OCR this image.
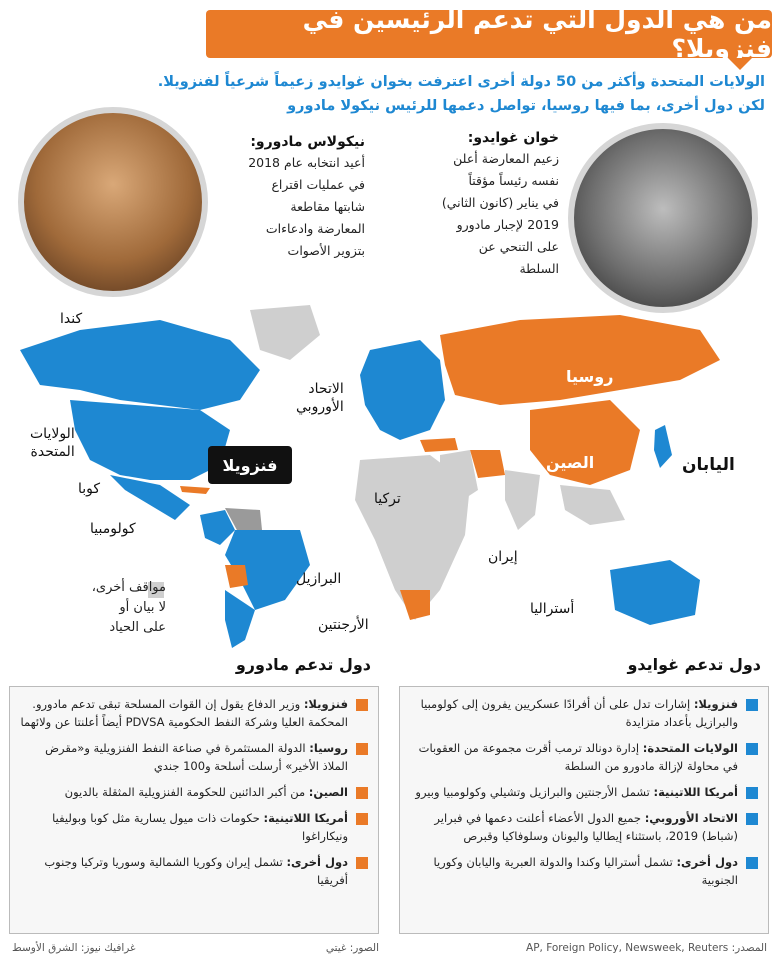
من هي الدول التي تدعم الرئيسين في فنزويلا؟
الولايات المتحدة وأكثر من 50 دولة أخرى اعترفت بخوان غوايدو زعيماً شرعياً لفنزويلا.
لكن دول أخرى، بما فيها روسيا، تواصل دعمها للرئيس نيكولا مادورو
نيكولاس مادورو:
أعيد انتخابه عام 2018
في عمليات اقتراع
شابتها مقاطعة
المعارضة وادعاءات
بتزوير الأصوات
خوان غوايدو:
زعيم المعارضة أعلن
نفسه رئيساً مؤقتاً
في يناير (كانون الثاني)
2019 لإجبار مادورو
على التنحي عن
السلطة
كندا
الولايات
المتحدة
كوبا
كولومبيا
فنزويلا
الاتحاد
الأوروبي
روسيا
الصين	اليابان
تركيا
إيران
البرازيل
الأرجنتين
أستراليا
مواقف أخرى،
لا بيان أو
على الحياد
دول تدعم غوايدو
دول تدعم مادورو
فنزويلا: إشارات تدل على أن أفرادًا عسكريين يفرون إلى كولومبيا والبرازيل بأعداد متزايدة
الولايات المتحدة: إدارة دونالد ترمب أقرت مجموعة من العقوبات في محاولة لإزالة مادورو من السلطة
أمريكا اللاتينية: تشمل الأرجنتين والبرازيل وتشيلي وكولومبيا وبيرو
الاتحاد الأوروبي: جميع الدول الأعضاء أعلنت دعمها في فبراير (شباط) 2019، باستثناء إيطاليا واليونان وسلوفاكيا وقبرص
دول أخرى: تشمل أستراليا وكندا والدولة العبرية واليابان وكوريا الجنوبية
فنزويلا: وزير الدفاع يقول إن القوات المسلحة تبقى تدعم مادورو. المحكمة العليا وشركة النفط الحكومية PDVSA أيضاً أعلنتا عن ولائهما
روسيا: الدولة المستثمرة في صناعة النفط الفنزويلية و«مقرض الملاذ الأخير» أرسلت أسلحة و100 جندي
الصين: من أكبر الدائنين للحكومة الفنزويلية المثقلة بالديون
أمريكا اللاتينية: حكومات ذات ميول يسارية مثل كوبا وبوليفيا ونيكاراغوا
دول أخرى: تشمل إيران وكوريا الشمالية وسوريا وتركيا وجنوب أفريقيا
المصدر: AP, Foreign Policy, Newsweek, Reuters
الصور: غيتي
غرافيك نيوز: الشرق الأوسط
